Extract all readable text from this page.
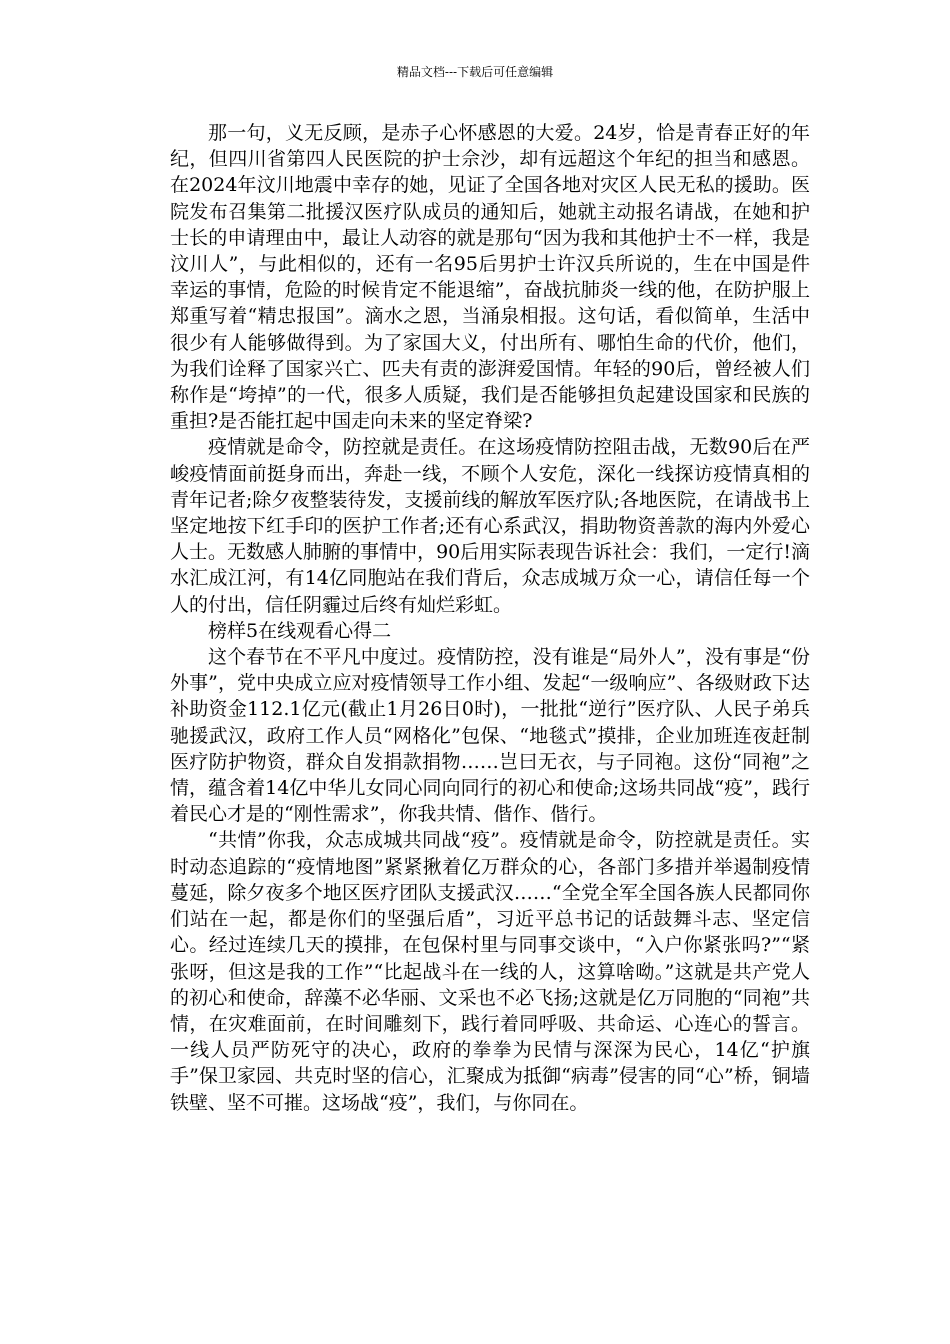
精品文档---下载后可任意编辑

那一句，义无反顾，是赤子心怀感恩的大爱。24岁，恰是青春正好的年纪，但四川省第四人民医院的护士佘沙，却有远超这个年纪的担当和感恩。在2024年汶川地震中幸存的她，见证了全国各地对灾区人民无私的援助。医院发布召集第二批援汉医疗队成员的通知后，她就主动报名请战，在她和护士长的申请理由中，最让人动容的就是那句“因为我和其他护士不一样，我是汶川人”，与此相似的，还有一名95后男护士许汉兵所说的，生在中国是件幸运的事情，危险的时候肯定不能退缩”，奋战抗肺炎一线的他，在防护服上郑重写着“精忠报国”。滴水之恩，当涌泉相报。这句话，看似简单，生活中很少有人能够做得到。为了家国大义，付出所有、哪怕生命的代价，他们，为我们诠释了国家兴亡、匹夫有责的澎湃爱国情。年轻的90后，曾经被人们称作是“垮掉”的一代，很多人质疑，我们是否能够担负起建设国家和民族的重担?是否能扛起中国走向未来的坚定脊梁?

疫情就是命令，防控就是责任。在这场疫情防控阻击战，无数90后在严峻疫情面前挺身而出，奔赴一线，不顾个人安危，深化一线探访疫情真相的青年记者;除夕夜整装待发，支援前线的解放军医疗队;各地医院，在请战书上坚定地按下红手印的医护工作者;还有心系武汉，捐助物资善款的海内外爱心人士。无数感人肺腑的事情中，90后用实际表现告诉社会：我们，一定行!滴水汇成江河，有14亿同胞站在我们背后，众志成城万众一心，请信任每一个人的付出，信任阴霾过后终有灿烂彩虹。

榜样5在线观看心得二

这个春节在不平凡中度过。疫情防控，没有谁是“局外人”，没有事是“份外事”，党中央成立应对疫情领导工作小组、发起“一级响应”、各级财政下达补助资金112.1亿元(截止1月26日0时)，一批批“逆行”医疗队、人民子弟兵驰援武汉，政府工作人员“网格化”包保、“地毯式”摸排，企业加班连夜赶制医疗防护物资，群众自发捐款捐物……岂曰无衣，与子同袍。这份“同袍”之情，蕴含着14亿中华儿女同心同向同行的初心和使命;这场共同战“疫”，践行着民心才是的“刚性需求”，你我共情、偕作、偕行。

“共情”你我，众志成城共同战“疫”。疫情就是命令，防控就是责任。实时动态追踪的“疫情地图”紧紧揪着亿万群众的心，各部门多措并举遏制疫情蔓延，除夕夜多个地区医疗团队支援武汉……“全党全军全国各族人民都同你们站在一起，都是你们的坚强后盾”，习近平总书记的话鼓舞斗志、坚定信心。经过连续几天的摸排，在包保村里与同事交谈中，“入户你紧张吗?”“紧张呀，但这是我的工作”“比起战斗在一线的人，这算啥呦。”这就是共产党人的初心和使命，辞藻不必华丽、文采也不必飞扬;这就是亿万同胞的“同袍”共情，在灾难面前，在时间雕刻下，践行着同呼吸、共命运、心连心的誓言。一线人员严防死守的决心，政府的拳拳为民情与深深为民心，14亿“护旗手”保卫家园、共克时坚的信心，汇聚成为抵御“病毒”侵害的同“心”桥，铜墙铁壁、坚不可摧。这场战“疫”，我们，与你同在。
